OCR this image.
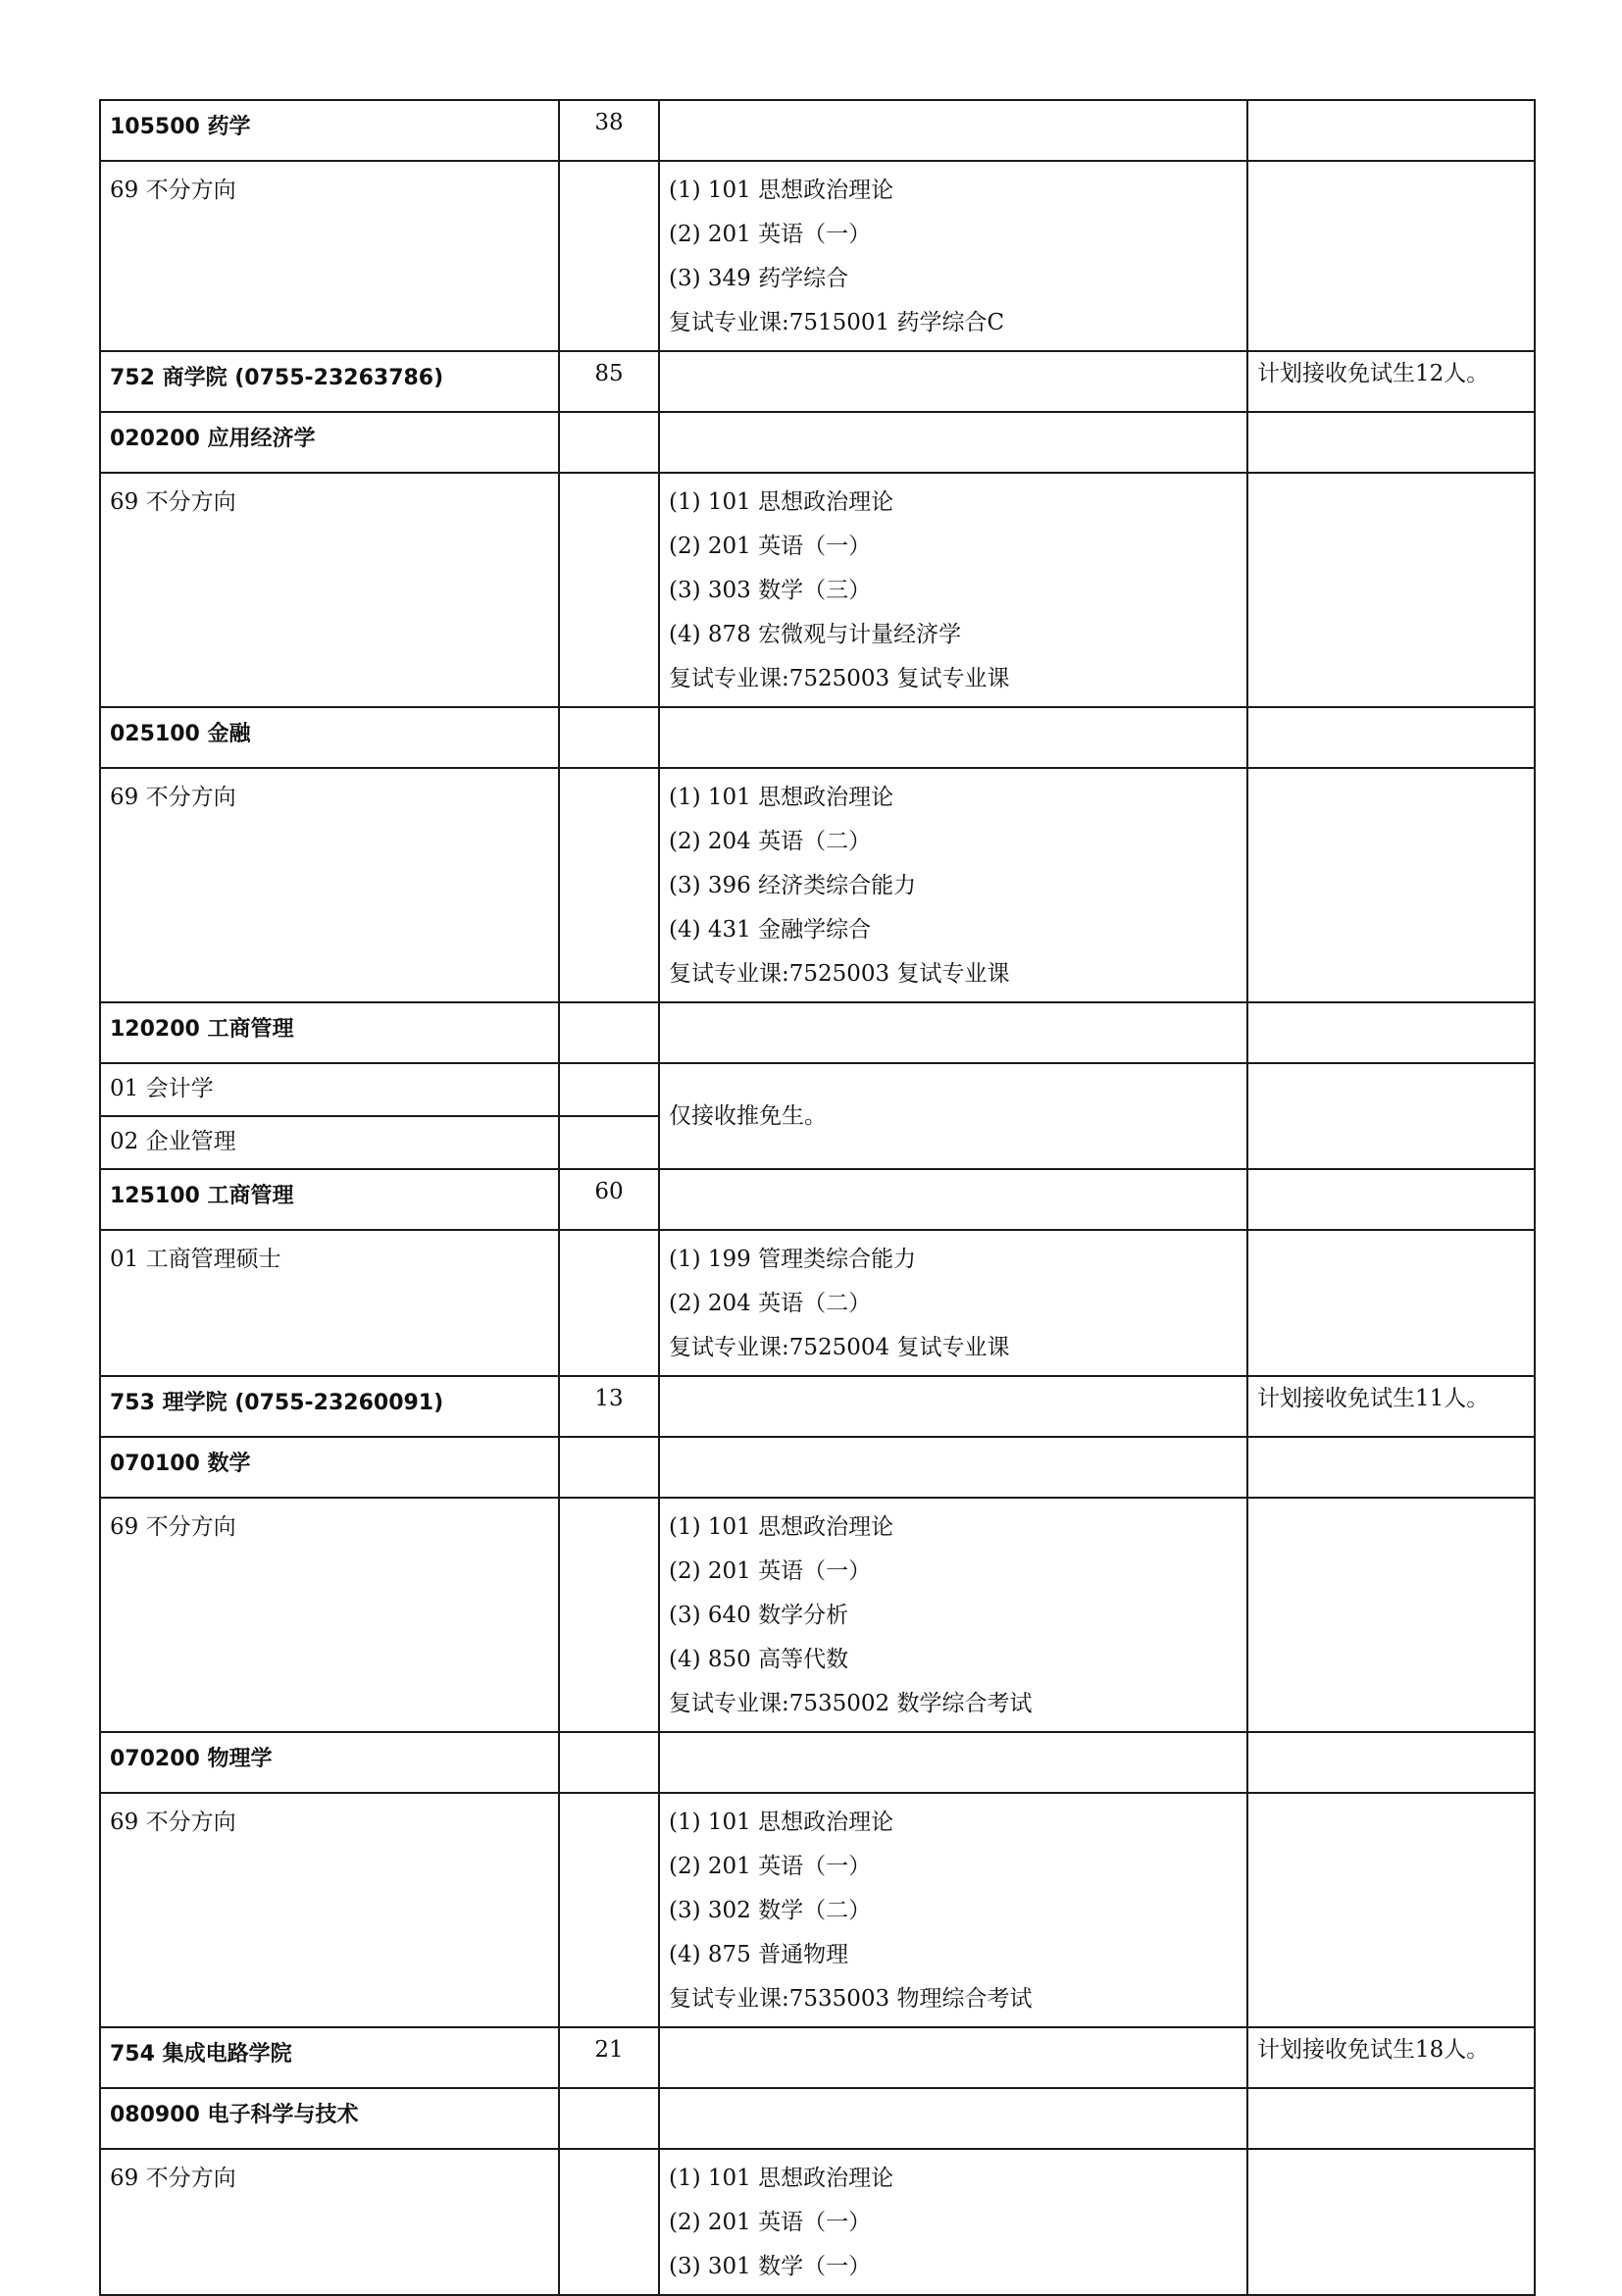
105500 药学	38		
69 不分方向		(1) 101 思想政治理论
(2) 201 英语（一）
(3) 349 药学综合
复试专业课:7515001 药学综合C	

752 商学院 (0755-23263786)	85		计划接收免试生12人。
020200 应用经济学			
69 不分方向		(1) 101 思想政治理论
(2) 201 英语（一）
(3) 303 数学（三）
(4) 878 宏微观与计量经济学
复试专业课:7525003 复试专业课	

025100 金融			
69 不分方向		(1) 101 思想政治理论
(2) 204 英语（二）
(3) 396 经济类综合能力
(4) 431 金融学综合
复试专业课:7525003 复试专业课	

120200 工商管理			
01 会计学		仅接收推免生。	
02 企业管理			
125100 工商管理	60		
01 工商管理硕士		(1) 199 管理类综合能力
(2) 204 英语（二）
复试专业课:7525004 复试专业课	

753 理学院 (0755-23260091)	13		计划接收免试生11人。
070100 数学			
69 不分方向		(1) 101 思想政治理论
(2) 201 英语（一）
(3) 640 数学分析
(4) 850 高等代数
复试专业课:7535002 数学综合考试	

070200 物理学			
69 不分方向		(1) 101 思想政治理论
(2) 201 英语（一）
(3) 302 数学（二）
(4) 875 普通物理
复试专业课:7535003 物理综合考试	

754 集成电路学院	21		计划接收免试生18人。
080900 电子科学与技术			
69 不分方向		(1) 101 思想政治理论
(2) 201 英语（一）
(3) 301 数学（一）	
